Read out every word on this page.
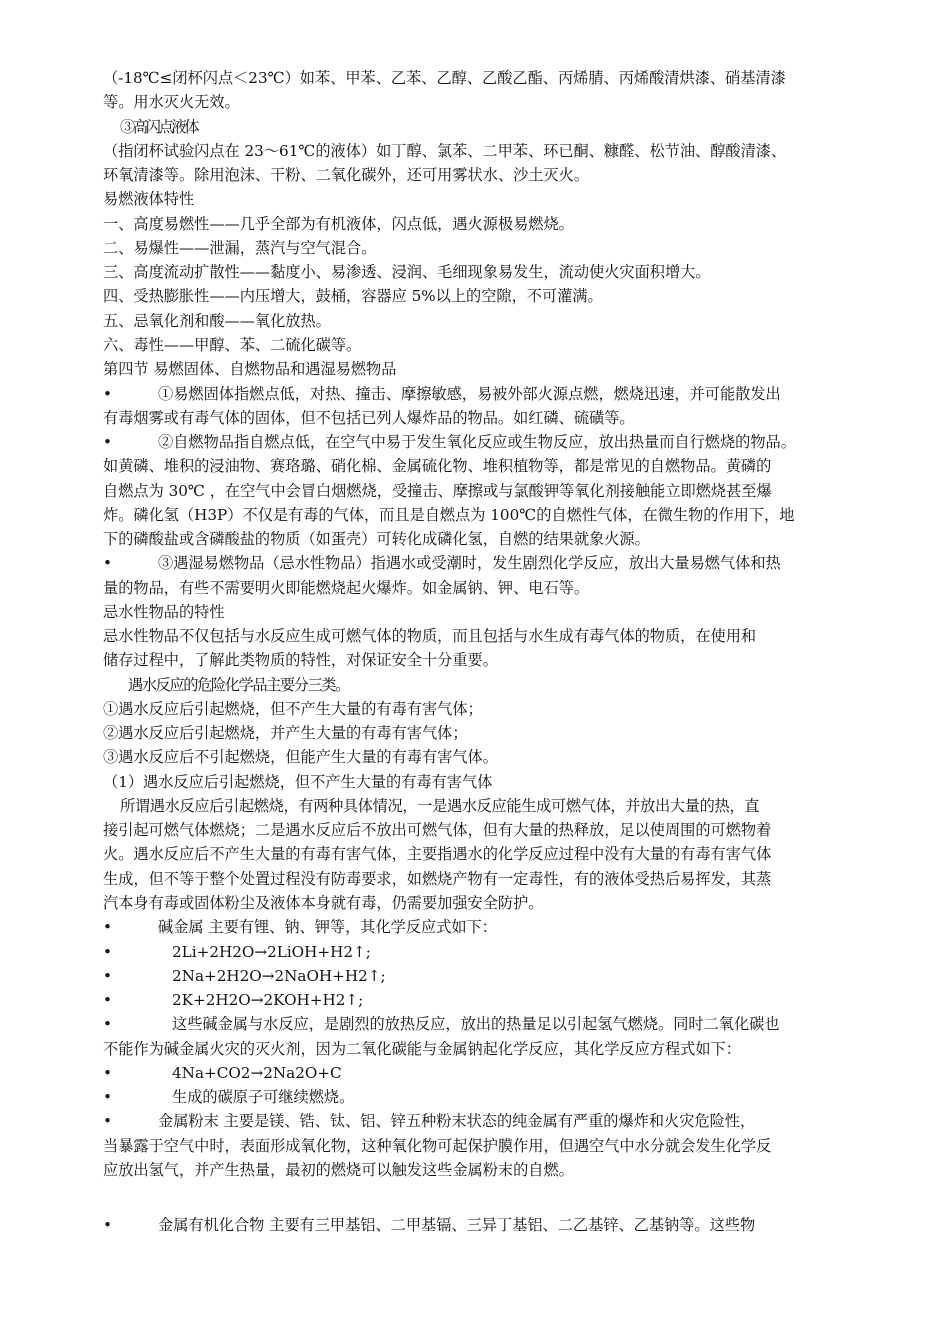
（-18℃≤闭杯闪点＜23℃）如苯、甲苯、乙苯、乙醇、乙酸乙酯、丙烯腈、丙烯酸清烘漆、硝基清漆
等。用水灭火无效。
③高闪点液体
（指闭杯试验闪点在 23～61℃的液体）如丁醇、氯苯、二甲苯、环已酮、糠醛、松节油、醇酸清漆、
环氧清漆等。除用泡沫、干粉、二氧化碳外，还可用雾状水、沙土灭火。
易燃液体特性
一、高度易燃性——几乎全部为有机液体，闪点低，遇火源极易燃烧。
二、易爆性——泄漏，蒸汽与空气混合。
三、高度流动扩散性——黏度小、易渗透、浸润、毛细现象易发生，流动使火灾面积增大。
四、受热膨胀性——内压增大，鼓桶，容器应 5%以上的空隙，不可灌满。
五、忌氧化剂和酸——氧化放热。
六、毒性——甲醇、苯、二硫化碳等。
第四节 易燃固体、自燃物品和遇湿易燃物品
•	①易燃固体指燃点低，对热、撞击、摩擦敏感，易被外部火源点燃，燃烧迅速，并可能散发出
有毒烟雾或有毒气体的固体，但不包括已列人爆炸品的物品。如红磷、硫磺等。
•	②自燃物品指自燃点低，在空气中易于发生氧化反应或生物反应，放出热量而自行燃烧的物品。
如黄磷、堆积的浸油物、赛珞璐、硝化棉、金属硫化物、堆积植物等，都是常见的自燃物品。黄磷的
自燃点为 30℃ ，在空气中会冒白烟燃烧，受撞击、摩擦或与氯酸钾等氧化剂接触能立即燃烧甚至爆
炸。磷化氢（H3P）不仅是有毒的气体，而且是自燃点为 100℃的自燃性气体，在微生物的作用下，地
下的磷酸盐或含磷酸盐的物质（如蛋壳）可转化成磷化氢，自燃的结果就象火源。
•	③遇湿易燃物品（忌水性物品）指遇水或受潮时，发生剧烈化学反应，放出大量易燃气体和热
量的物品，有些不需要明火即能燃烧起火爆炸。如金属钠、钾、电石等。
忌水性物品的特性
忌水性物品不仅包括与水反应生成可燃气体的物质，而且包括与水生成有毒气体的物质，在使用和
储存过程中，了解此类物质的特性，对保证安全十分重要。
遇水反应的危险化学品主要分三类。
①遇水反应后引起燃烧，但不产生大量的有毒有害气体；
②遇水反应后引起燃烧，并产生大量的有毒有害气体；
③遇水反应后不引起燃烧，但能产生大量的有毒有害气体。
（1）遇水反应后引起燃烧，但不产生大量的有毒有害气体
所谓遇水反应后引起燃烧，有两种具体情况，一是遇水反应能生成可燃气体，并放出大量的热，直
接引起可燃气体燃烧；二是遇水反应后不放出可燃气体，但有大量的热释放，足以使周围的可燃物着
火。遇水反应后不产生大量的有毒有害气体，主要指遇水的化学反应过程中没有大量的有毒有害气体
生成，但不等于整个处置过程没有防毒要求，如燃烧产物有一定毒性，有的液体受热后易挥发，其蒸
汽本身有毒或固体粉尘及液体本身就有毒，仍需要加强安全防护。
•	碱金属 主要有锂、钠、钾等，其化学反应式如下：
•	2Li+2H2O→2LiOH+H2↑;
•	2Na+2H2O→2NaOH+H2↑;
•	2K+2H2O→2KOH+H2↑;
•	这些碱金属与水反应，是剧烈的放热反应，放出的热量足以引起氢气燃烧。同时二氧化碳也
不能作为碱金属火灾的灭火剂，因为二氧化碳能与金属钠起化学反应，其化学反应方程式如下：
•	4Na+CO2→2Na2O+C
•	生成的碳原子可继续燃烧。
•	金属粉末 主要是镁、锆、钛、铝、锌五种粉末状态的纯金属有严重的爆炸和火灾危险性，
当暴露于空气中时，表面形成氧化物，这种氧化物可起保护膜作用，但遇空气中水分就会发生化学反
应放出氢气，并产生热量，最初的燃烧可以触发这些金属粉末的自燃。
•	金属有机化合物 主要有三甲基铝、二甲基镉、三异丁基铝、二乙基锌、乙基钠等。这些物
